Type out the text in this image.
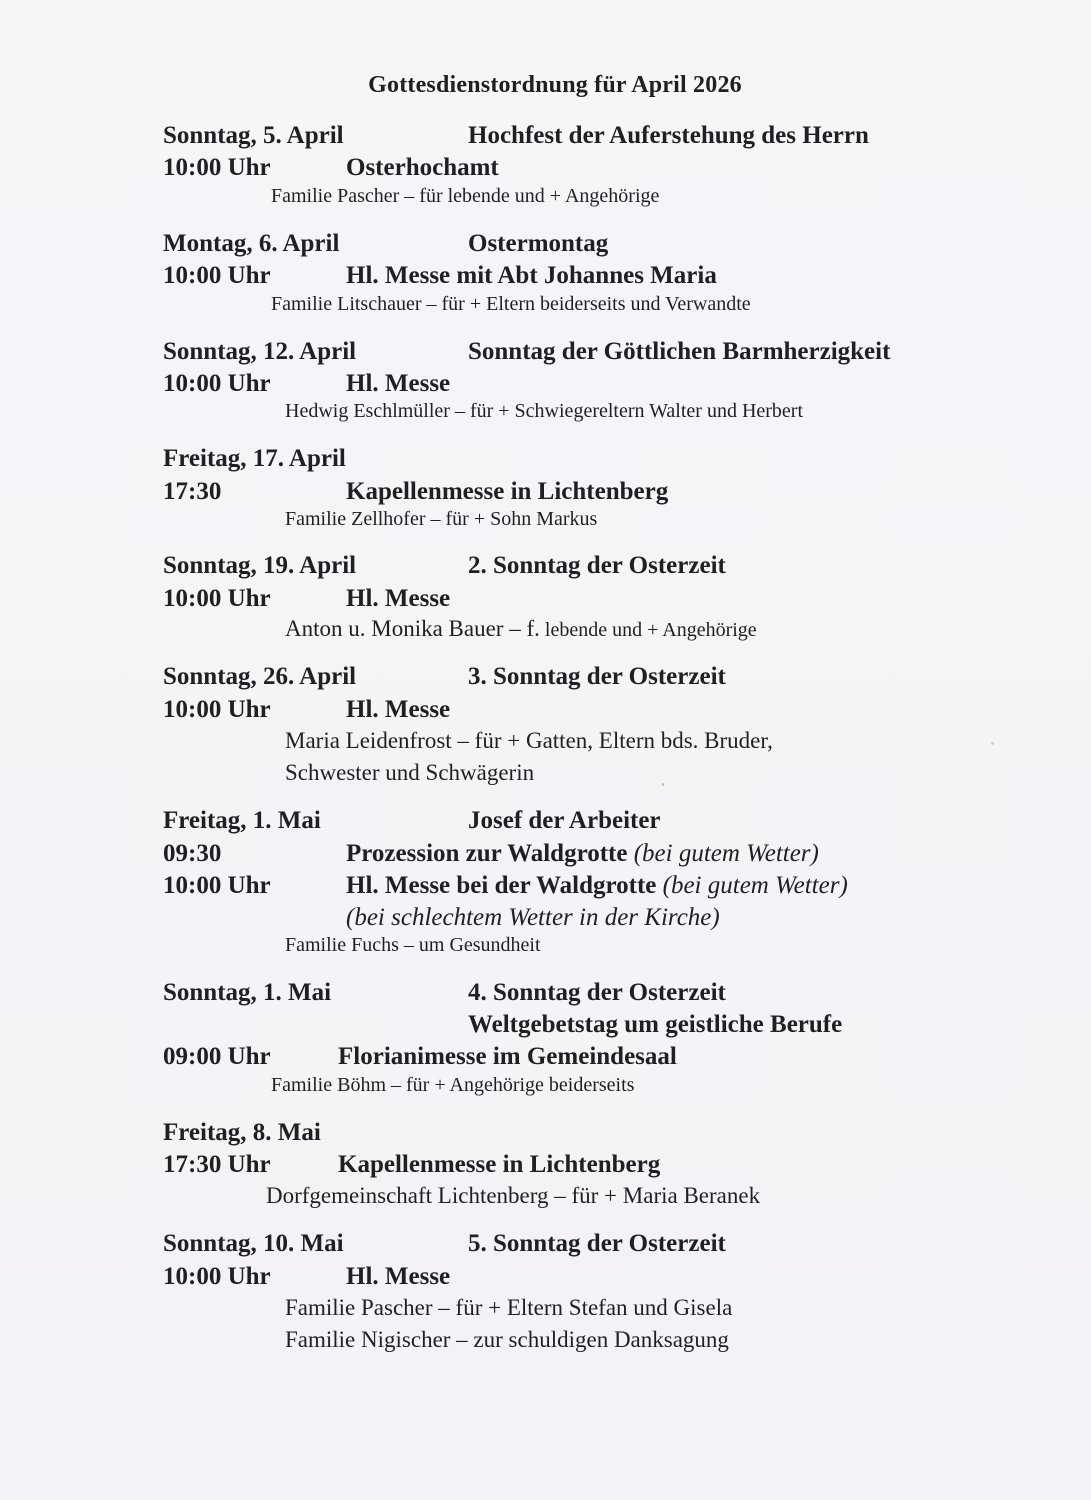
Gottesdienstordnung für April 2026
Sonntag, 5. April	Hochfest der Auferstehung des Herrn
10:00 Uhr	Osterhochamt
Familie Pascher – für lebende und + Angehörige
Montag, 6. April	Ostermontag
10:00 Uhr	Hl. Messe mit Abt Johannes Maria
Familie Litschauer – für + Eltern beiderseits und Verwandte
Sonntag, 12. April	Sonntag der Göttlichen Barmherzigkeit
10:00 Uhr	Hl. Messe
Hedwig Eschlmüller – für + Schwiegereltern Walter und Herbert
Freitag, 17. April
17:30	Kapellenmesse in Lichtenberg
Familie Zellhofer – für + Sohn Markus
Sonntag, 19. April	2. Sonntag der Osterzeit
10:00 Uhr	Hl. Messe
Anton u. Monika Bauer – f. lebende und + Angehörige
Sonntag, 26. April	3. Sonntag der Osterzeit
10:00 Uhr	Hl. Messe
Maria Leidenfrost – für + Gatten, Eltern bds. Bruder,
Schwester und Schwägerin
Freitag, 1. Mai	Josef der Arbeiter
09:30	Prozession zur Waldgrotte (bei gutem Wetter)
10:00 Uhr	Hl. Messe bei der Waldgrotte (bei gutem Wetter)
(bei schlechtem Wetter in der Kirche)
Familie Fuchs – um Gesundheit
Sonntag, 1. Mai	4. Sonntag der Osterzeit
Weltgebetstag um geistliche Berufe
09:00 Uhr	Florianimesse im Gemeindesaal
Familie Böhm – für + Angehörige beiderseits
Freitag, 8. Mai
17:30 Uhr	Kapellenmesse in Lichtenberg
Dorfgemeinschaft Lichtenberg – für + Maria Beranek
Sonntag, 10. Mai	5. Sonntag der Osterzeit
10:00 Uhr	Hl. Messe
Familie Pascher – für + Eltern Stefan und Gisela
Familie Nigischer – zur schuldigen Danksagung
